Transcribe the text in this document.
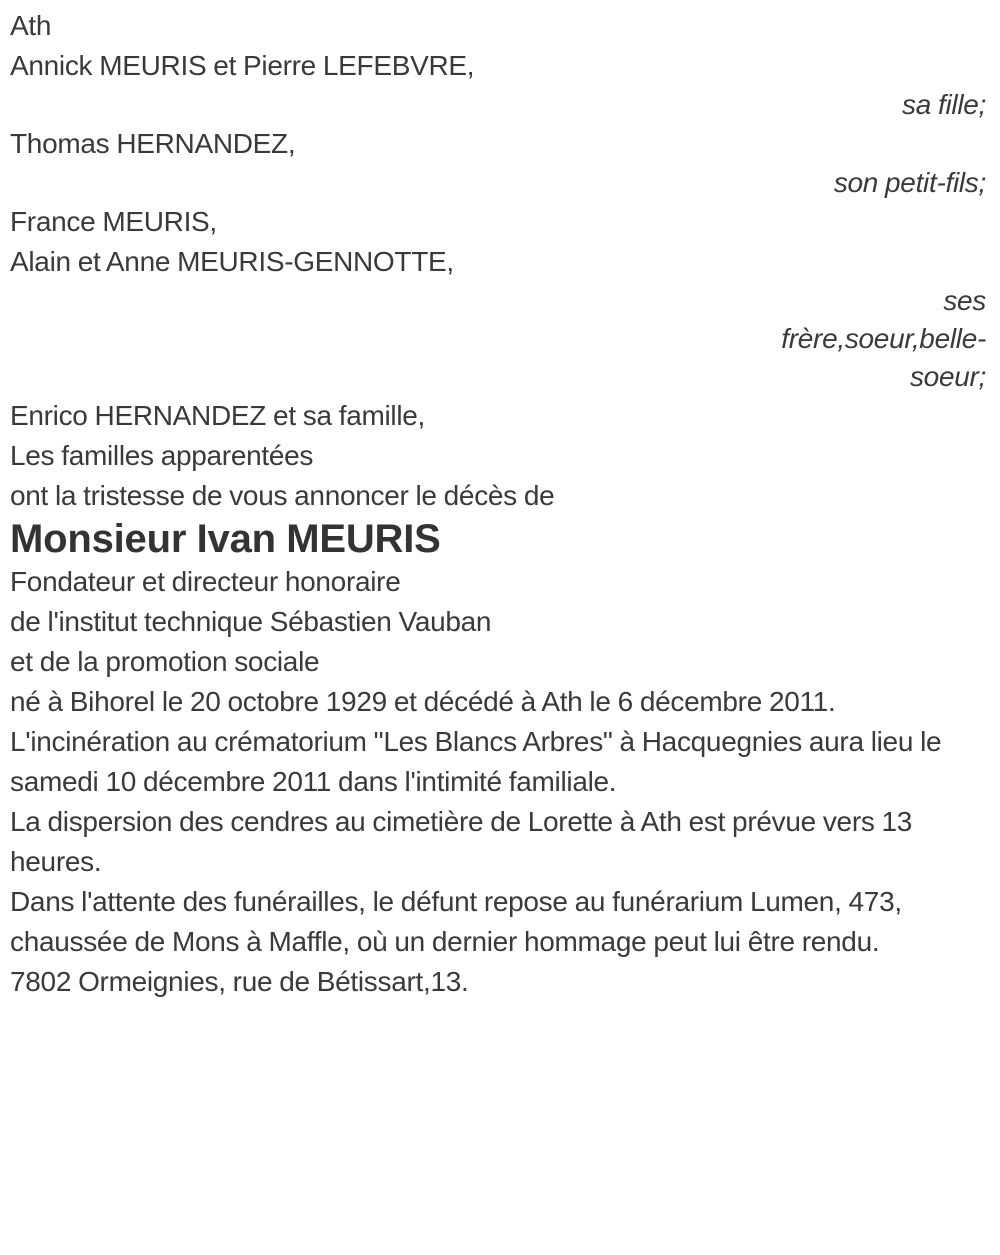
Ath

Annick MEURIS et Pierre LEFEBVRE,

sa fille;

Thomas HERNANDEZ,

son petit-fils;

France MEURIS,

Alain et Anne MEURIS-GENNOTTE,

ses
frère,soeur,belle-
soeur;

Enrico HERNANDEZ et sa famille,

Les familles apparentées

ont la tristesse de vous annoncer le décès de

Monsieur Ivan MEURIS
Fondateur et directeur honoraire
de l'institut technique Sébastien Vauban
et de la promotion sociale

né à Bihorel le 20 octobre 1929 et décédé à Ath le 6 décembre 2011.

L'incinération au crématorium "Les Blancs Arbres" à Hacquegnies aura lieu le samedi 10 décembre 2011 dans l'intimité familiale.

La dispersion des cendres au cimetière de Lorette à Ath est prévue vers 13 heures.

Dans l'attente des funérailles, le défunt repose au funérarium Lumen, 473, chaussée de Mons à Maffle, où un dernier hommage peut lui être rendu.

7802 Ormeignies, rue de Bétissart,13.
